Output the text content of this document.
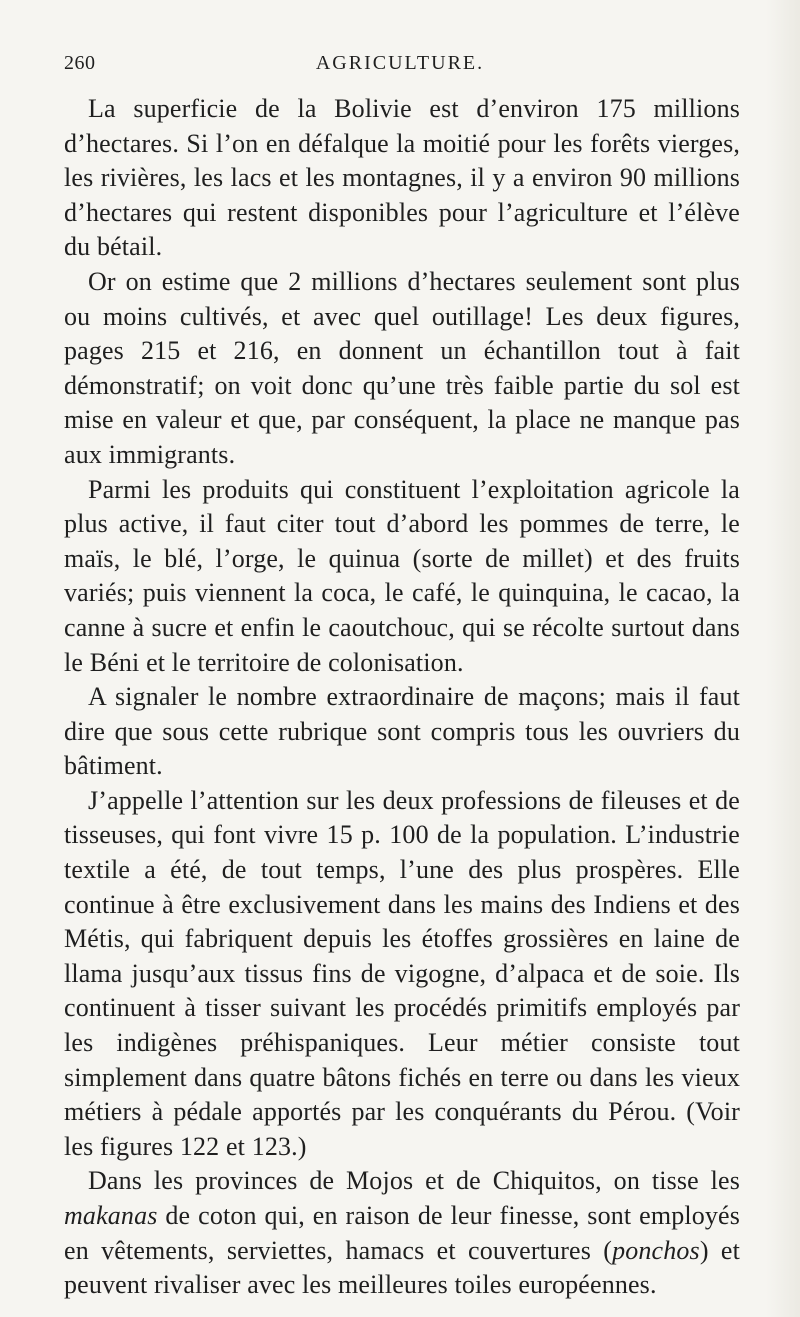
260	AGRICULTURE.

La superficie de la Bolivie est d’environ 175 millions d’hectares. Si l’on en défalque la moitié pour les forêts vierges, les rivières, les lacs et les montagnes, il y a environ 90 millions d’hectares qui restent disponibles pour l’agriculture et l’élève du bétail.

Or on estime que 2 millions d’hectares seulement sont plus ou moins cultivés, et avec quel outillage! Les deux figures, pages 215 et 216, en donnent un échantillon tout à fait démonstratif; on voit donc qu’une très faible partie du sol est mise en valeur et que, par conséquent, la place ne manque pas aux immigrants.

Parmi les produits qui constituent l’exploitation agricole la plus active, il faut citer tout d’abord les pommes de terre, le maïs, le blé, l’orge, le quinua (sorte de millet) et des fruits variés; puis viennent la coca, le café, le quinquina, le cacao, la canne à sucre et enfin le caoutchouc, qui se récolte surtout dans le Béni et le territoire de colonisation.

A signaler le nombre extraordinaire de maçons; mais il faut dire que sous cette rubrique sont compris tous les ouvriers du bâtiment.

J’appelle l’attention sur les deux professions de fileuses et de tisseuses, qui font vivre 15 p. 100 de la population. L’industrie textile a été, de tout temps, l’une des plus prospères. Elle continue à être exclusivement dans les mains des Indiens et des Métis, qui fabriquent depuis les étoffes grossières en laine de llama jusqu’aux tissus fins de vigogne, d’alpaca et de soie. Ils continuent à tisser suivant les procédés primitifs employés par les indigènes préhispaniques. Leur métier consiste tout simplement dans quatre bâtons fichés en terre ou dans les vieux métiers à pédale apportés par les conquérants du Pérou. (Voir les figures 122 et 123.)

Dans les provinces de Mojos et de Chiquitos, on tisse les makanas de coton qui, en raison de leur finesse, sont employés en vêtements, serviettes, hamacs et couvertures (ponchos) et peuvent rivaliser avec les meilleures toiles européennes.
